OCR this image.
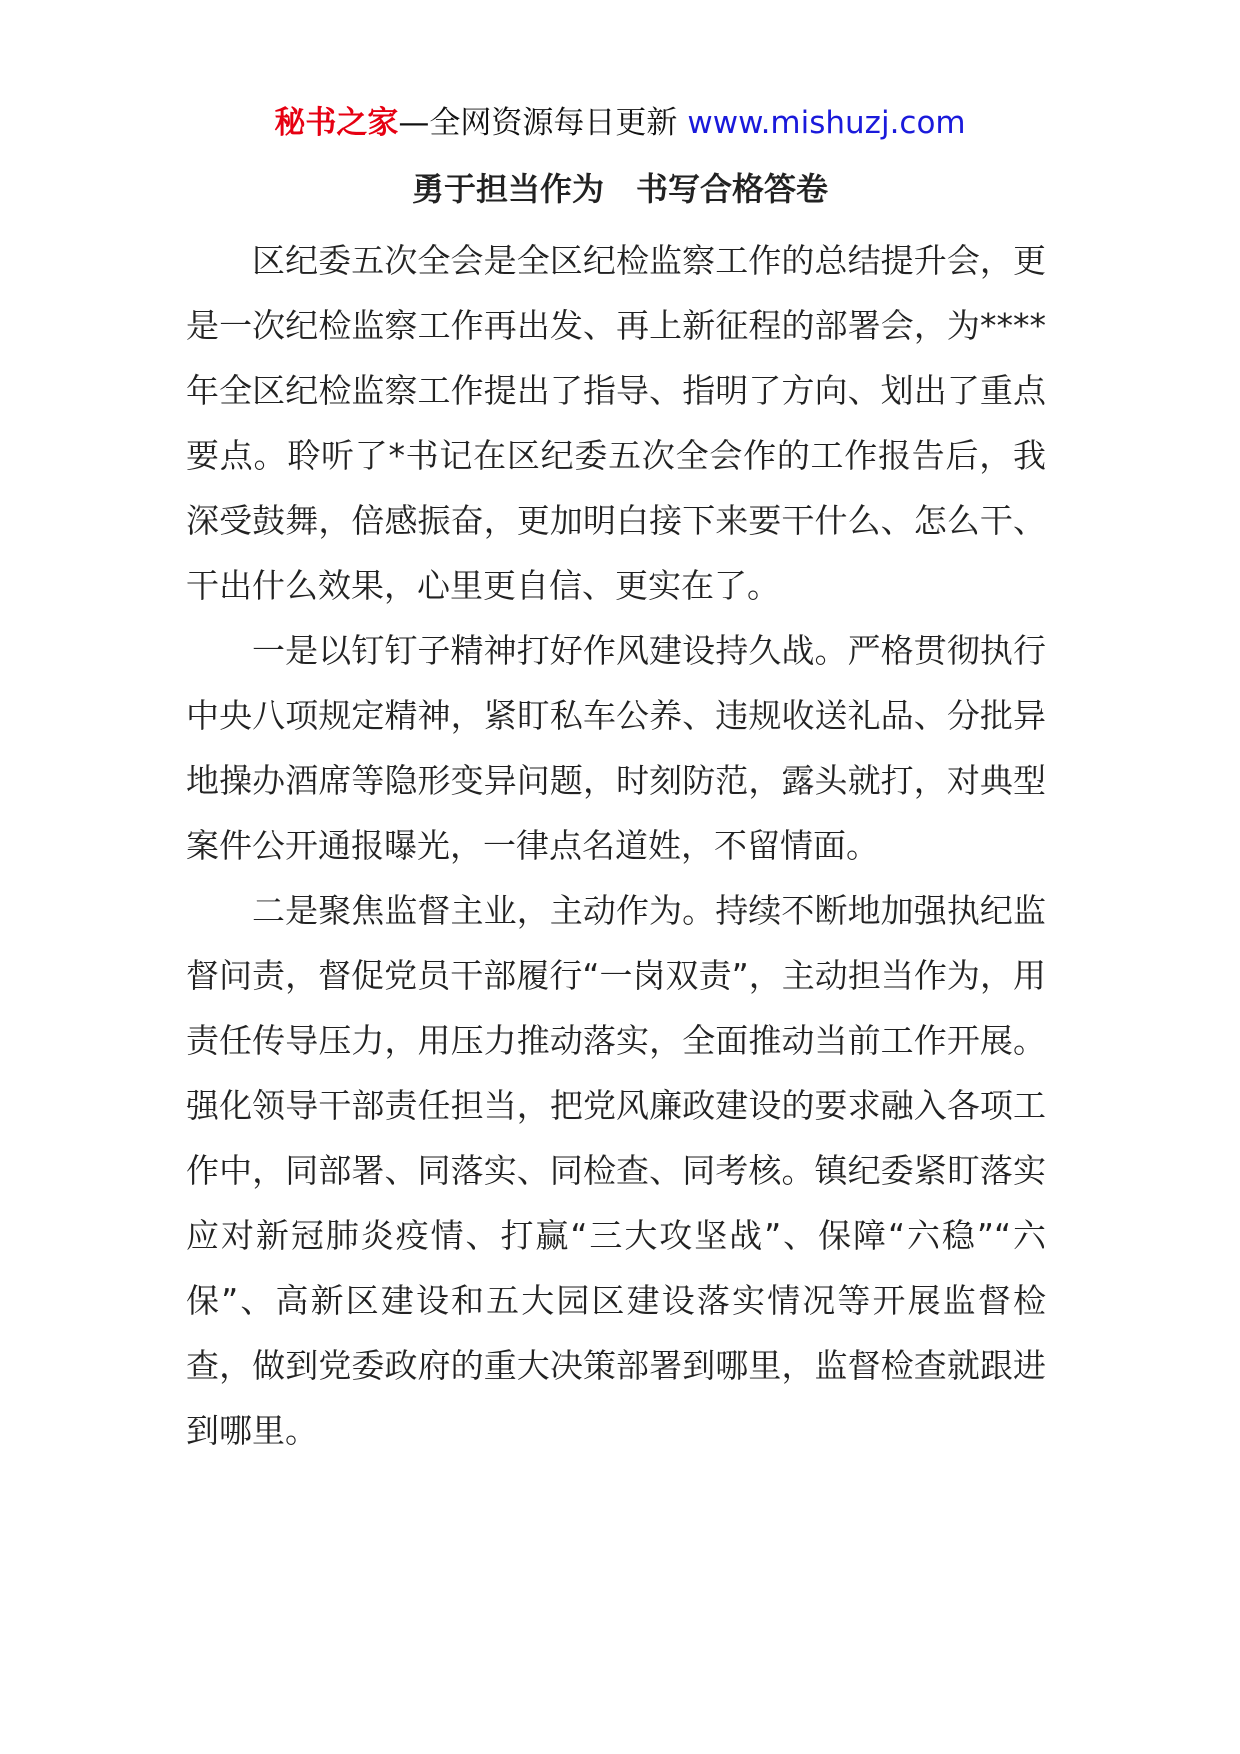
秘书之家—全网资源每日更新 www.mishuzj.com
勇于担当作为　书写合格答卷

区纪委五次全会是全区纪检监察工作的总结提升会，更是一次纪检监察工作再出发、再上新征程的部署会，为****年全区纪检监察工作提出了指导、指明了方向、划出了重点要点。聆听了*书记在区纪委五次全会作的工作报告后，我深受鼓舞，倍感振奋，更加明白接下来要干什么、怎么干、干出什么效果，心里更自信、更实在了。

一是以钉钉子精神打好作风建设持久战。严格贯彻执行中央八项规定精神，紧盯私车公养、违规收送礼品、分批异地操办酒席等隐形变异问题，时刻防范，露头就打，对典型案件公开通报曝光，一律点名道姓，不留情面。

二是聚焦监督主业，主动作为。持续不断地加强执纪监督问责，督促党员干部履行“一岗双责”，主动担当作为，用责任传导压力，用压力推动落实，全面推动当前工作开展。强化领导干部责任担当，把党风廉政建设的要求融入各项工作中，同部署、同落实、同检查、同考核。镇纪委紧盯落实应对新冠肺炎疫情、打赢“三大攻坚战”、保障“六稳”“六保”、高新区建设和五大园区建设落实情况等开展监督检查，做到党委政府的重大决策部署到哪里，监督检查就跟进到哪里。
